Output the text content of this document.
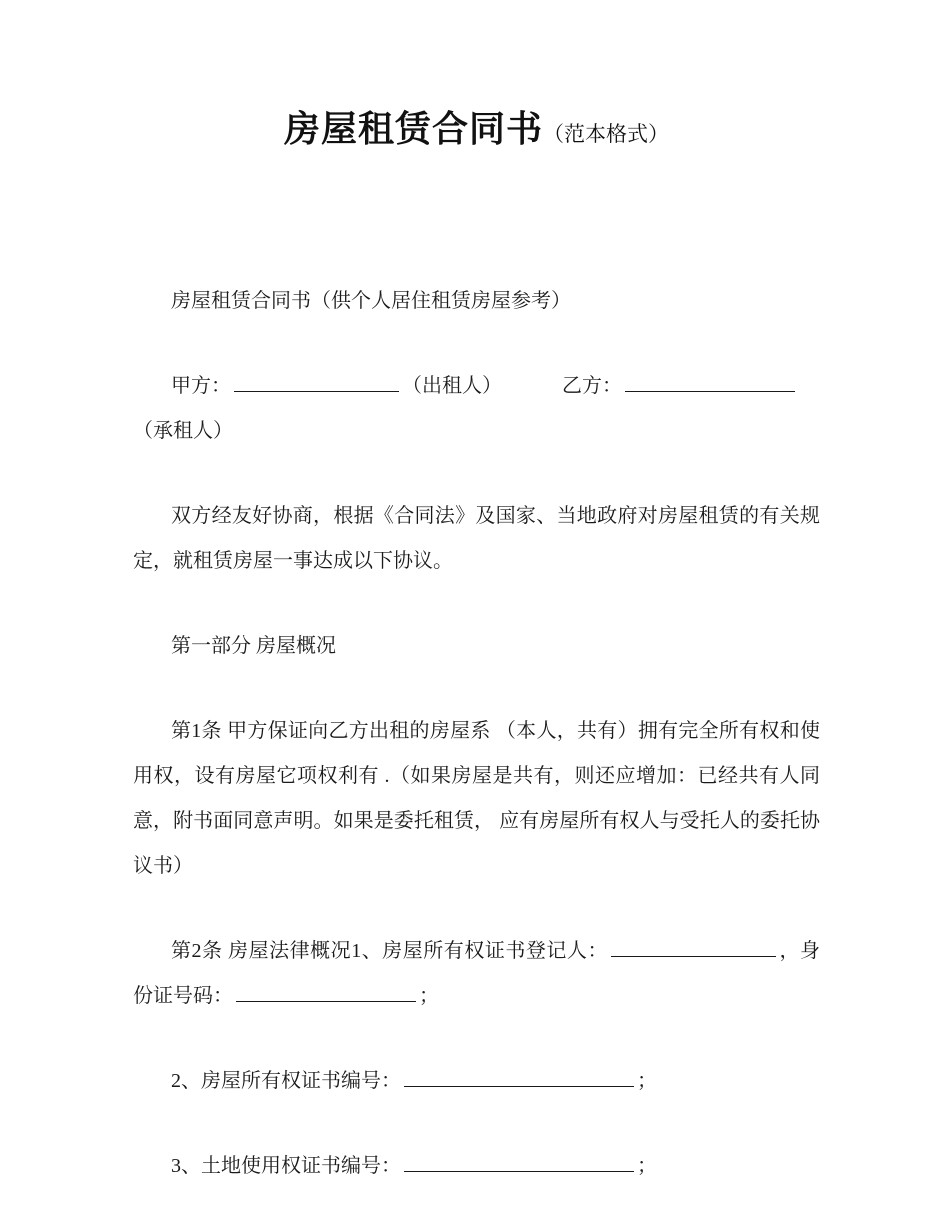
房屋租赁合同书（范本格式）

房屋租赁合同书（供个人居住租赁房屋参考）

甲方：	（出租人）	乙方：
（承租人）

双方经友好协商，根据《合同法》及国家、当地政府对房屋租赁的有关规定，就租赁房屋一事达成以下协议。

第一部分 房屋概况

第1条 甲方保证向乙方出租的房屋系 （本人，共有）拥有完全所有权和使用权，设有房屋它项权利有 .（如果房屋是共有，则还应增加：已经共有人同意，附书面同意声明。如果是委托租赁， 应有房屋所有权人与受托人的委托协议书）

第2条 房屋法律概况1、房屋所有权证书登记人：	，身份证号码：	；

2、房屋所有权证书编号：	；

3、土地使用权证书编号：	；
